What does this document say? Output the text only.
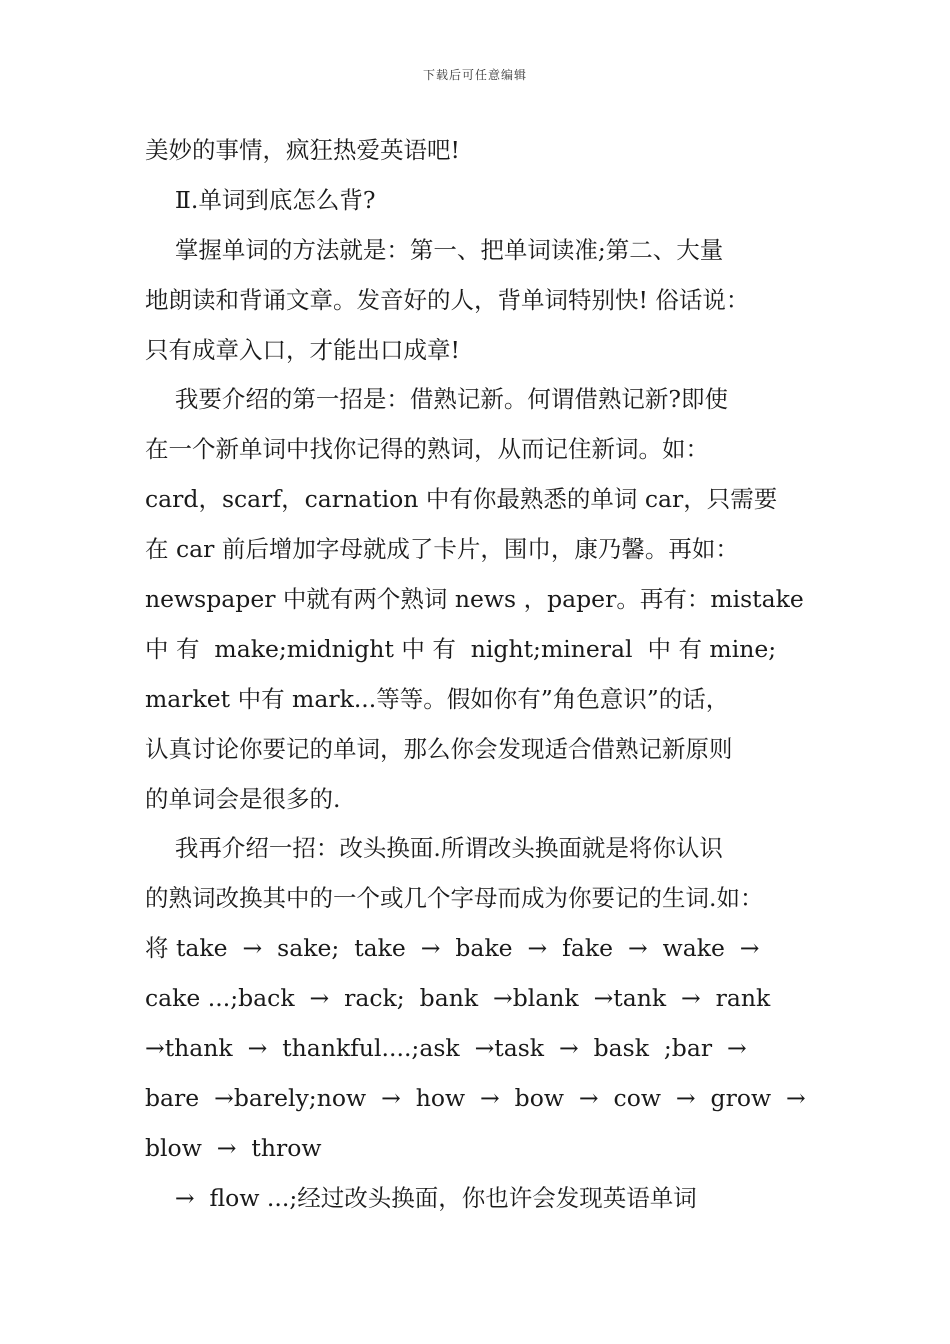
下载后可任意编辑
美妙的事情，疯狂热爱英语吧!
Ⅱ.单词到底怎么背?
掌握单词的方法就是：第一、把单词读准;第二、大量
地朗读和背诵文章。发音好的人，背单词特别快! 俗话说：
只有成章入口，才能出口成章!
我要介绍的第一招是：借熟记新。何谓借熟记新?即使
在一个新单词中找你记得的熟词，从而记住新词。如：
card，scarf，carnation 中有你最熟悉的单词 car，只需要
在 car 前后增加字母就成了卡片，围巾，康乃馨。再如：
newspaper 中就有两个熟词 news ，paper。再有：mistake
中 有  make;midnight 中 有  night;mineral  中 有 mine;
market 中有 mark...等等。假如你有”角色意识”的话，
认真讨论你要记的单词，那么你会发现适合借熟记新原则
的单词会是很多的.
我再介绍一招：改头换面.所谓改头换面就是将你认识
的熟词改换其中的一个或几个字母而成为你要记的生词.如：
将 take  →  sake;  take  →  bake  →  fake  →  wake  →
cake ...;back  →  rack;  bank  →blank  →tank  →  rank
→thank  →  thankful....;ask  →task  →  bask  ;bar  →
bare  →barely;now  →  how  →  bow  →  cow  →  grow  →
blow  →  throw
→  flow ...;经过改头换面，你也许会发现英语单词
